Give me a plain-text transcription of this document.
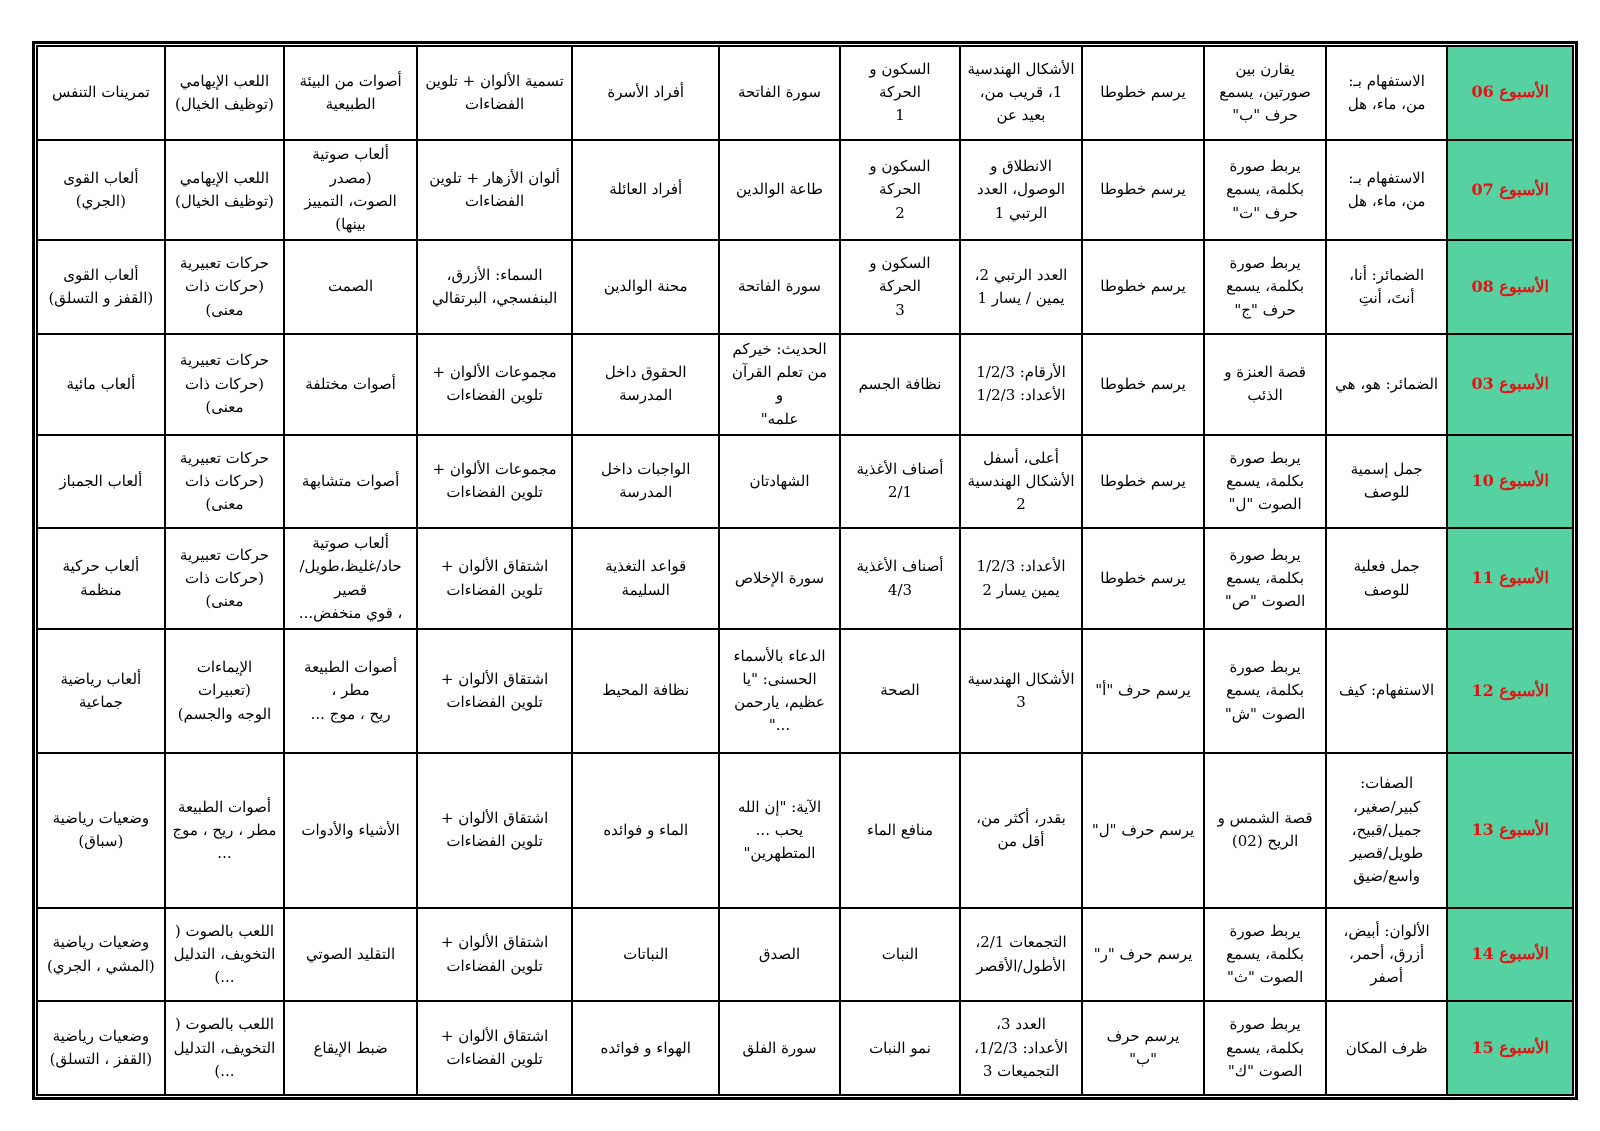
الأسبوع 06	الاستفهام بـ:
من، ماء، هل	يقارن بين
صورتين، يسمع
حرف "ب"	يرسم خطوطا	الأشكال الهندسية
1، قريب من،
بعيد عن	السكون و الحركة
1	سورة الفاتحة	أفراد الأسرة	تسمية الألوان + تلوين
الفضاءات	أصوات من البيئة
الطبيعية	اللعب الإيهامي
(توظيف الخيال)	تمرينات التنفس
الأسبوع 07	الاستفهام بـ:
من، ماء، هل	يربط صورة
بكلمة، يسمع
حرف "ت"	يرسم خطوطا	الانطلاق و
الوصول، العدد
الرتبي 1	السكون و الحركة
2	طاعة الوالدين	أفراد العائلة	ألوان الأزهار + تلوين
الفضاءات	ألعاب صوتية (مصدر
الصوت، التمييز بينها)	اللعب الإيهامي
(توظيف الخيال)	ألعاب القوى
(الجري)
الأسبوع 08	الضمائر: أنا،
أنتَ، أنتِ	يربط صورة
بكلمة، يسمع
حرف "ج"	يرسم خطوطا	العدد الرتبي 2،
يمين / يسار 1	السكون و الحركة
3	سورة الفاتحة	محنة الوالدين	السماء: الأزرق،
البنفسجي، البرتقالي	الصمت	حركات تعبيرية
(حركات ذات
معنى)	ألعاب القوى
(القفز و التسلق)
الأسبوع 03	الضمائر: هو، هي	قصة العنزة و
الذئب	يرسم خطوطا	الأرقام: 1/2/3
الأعداد: 1/2/3	نظافة الجسم	الحديث: خيركم
من تعلم القرآن و
علمه"	الحقوق داخل
المدرسة	مجموعات الألوان +
تلوين الفضاءات	أصوات مختلفة	حركات تعبيرية
(حركات ذات
معنى)	ألعاب مائية
الأسبوع 10	جمل إسمية
للوصف	يربط صورة
بكلمة، يسمع
الصوت "ل"	يرسم خطوطا	أعلى، أسفل
الأشكال الهندسية
2	أصناف الأغذية
2/1	الشهادتان	الواجبات داخل
المدرسة	مجموعات الألوان +
تلوين الفضاءات	أصوات متشابهة	حركات تعبيرية
(حركات ذات
معنى)	ألعاب الجمباز
الأسبوع 11	جمل فعلية
للوصف	يربط صورة
بكلمة، يسمع
الصوت "ص"	يرسم خطوطا	الأعداد: 1/2/3
يمين يسار 2	أصناف الأغذية
4/3	سورة الإخلاص	قواعد التغذية
السليمة	اشتقاق الألوان +
تلوين الفضاءات	ألعاب صوتية
حاد/غليظ،طويل/قصير
، قوي منخفض...	حركات تعبيرية
(حركات ذات
معنى)	ألعاب حركية
منظمة
الأسبوع 12	الاستفهام: كيف	يربط صورة
بكلمة، يسمع
الصوت "ش"	يرسم حرف "أ"	الأشكال الهندسية
3	الصحة	الدعاء بالأسماء
الحسنى: "يا
عظيم، يارحمن
..."	نظافة المحيط	اشتقاق الألوان +
تلوين الفضاءات	أصوات الطبيعة مطر ،
ريح ، موج ...	الإيماءات (تعبيرات
الوجه والجسم)	ألعاب رياضية
جماعية
الأسبوع 13	الصفات:
كبير/صغير،
جميل/قبيح،
طويل/قصير
واسع/ضيق	قصة الشمس و
الريح (02)	يرسم حرف "ل"	بقدر، أكثر من،
أقل من	منافع الماء	الآية: "إن الله
يحب ...
المتطهرين"	الماء و فوائده	اشتقاق الألوان +
تلوين الفضاءات	الأشياء والأدوات	أصوات الطبيعة
مطر ، ريح ، موج
...	وضعيات رياضية
(سباق)
الأسبوع 14	الألوان: أبيض،
أزرق، أحمر،
أصفر	يربط صورة
بكلمة، يسمع
الصوت "ث"	يرسم حرف "ر"	التجمعات 2/1،
الأطول/الأقصر	النبات	الصدق	النباتات	اشتقاق الألوان +
تلوين الفضاءات	التقليد الصوتي	اللعب بالصوت (
التخويف، التدليل
...)	وضعيات رياضية
(المشي ، الجري)
الأسبوع 15	ظرف المكان	يربط صورة
بكلمة، يسمع
الصوت "ك"	يرسم حرف
"ب"	العدد 3،
الأعداد: 1/2/3،
التجميعات 3	نمو النبات	سورة الفلق	الهواء و فوائده	اشتقاق الألوان +
تلوين الفضاءات	ضبط الإيقاع	اللعب بالصوت (
التخويف، التدليل
...)	وضعيات رياضية
(القفز ، التسلق)
